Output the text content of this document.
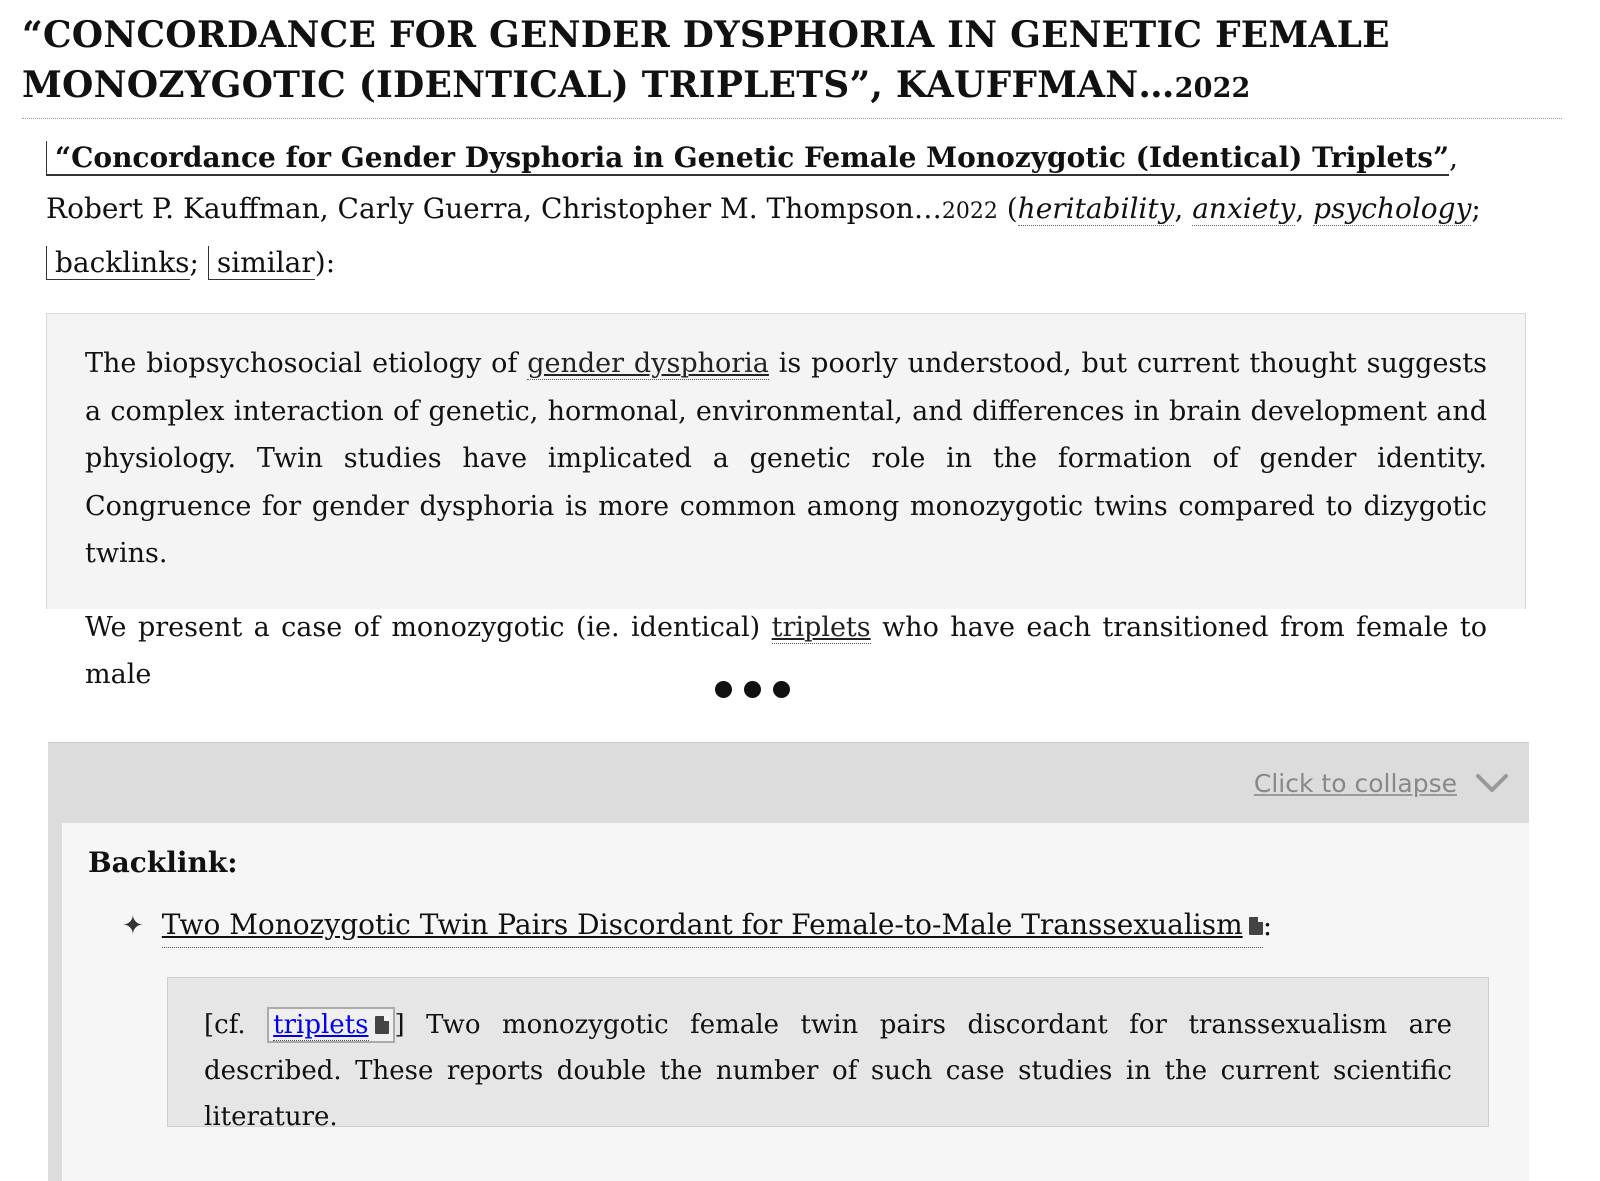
“CONCORDANCE FOR GENDER DYSPHORIA IN GENETIC FEMALE MONOZYGOTIC (IDENTICAL) TRIPLETS”, KAUFFMAN…2022

“Concordance for Gender Dysphoria in Genetic Female Monozygotic (Identical) Triplets”, Robert P. Kauffman, Carly Guerra, Christopher M. Thompson…2022 (heritability, anxiety, psychology; backlinks; similar):

The biopsychosocial etiology of gender dysphoria is poorly understood, but current thought suggests a complex interaction of genetic, hormonal, environmental, and differences in brain development and physiology. Twin studies have implicated a genetic role in the formation of gender identity. Congruence for gender dysphoria is more common among monozygotic twins compared to dizygotic twins.

We present a case of monozygotic (ie. identical) triplets who have each transitioned from female to male

Click to collapse
Backlink:
✦ Two Monozygotic Twin Pairs Discordant for Female-to-Male Transsexualism :

[cf. triplets ] Two monozygotic female twin pairs discordant for transsexualism are described. These reports double the number of such case studies in the current scientific literature.
